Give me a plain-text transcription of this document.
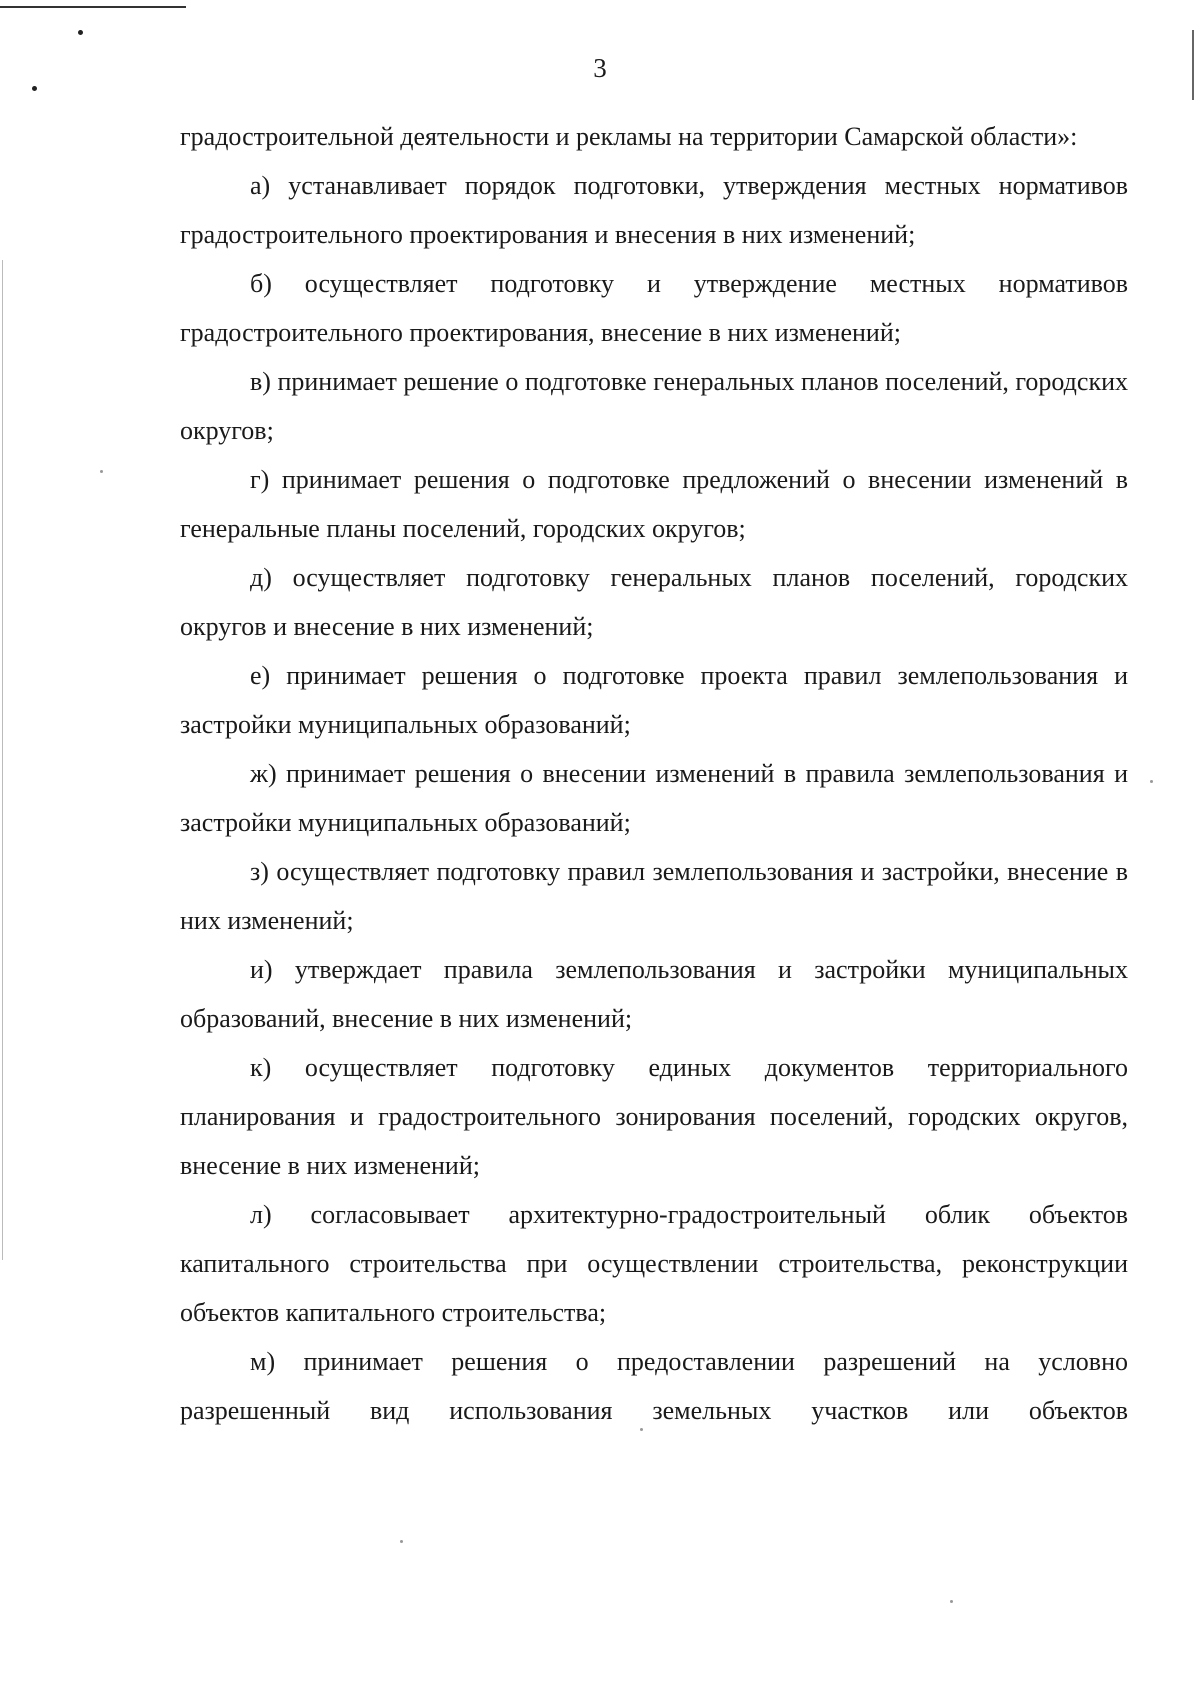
3

градостроительной деятельности и рекламы на территории Самарской области»:

а) устанавливает порядок подготовки, утверждения местных нормативов градостроительного проектирования и внесения в них изменений;

б) осуществляет подготовку и утверждение местных нормативов градостроительного проектирования, внесение в них изменений;

в) принимает решение о подготовке генеральных планов поселений, городских округов;

г) принимает решения о подготовке предложений о внесении изменений в генеральные планы поселений, городских округов;

д) осуществляет подготовку генеральных планов поселений, городских округов и внесение в них изменений;

е) принимает решения о подготовке проекта правил землепользования и застройки муниципальных образований;

ж) принимает решения о внесении изменений в правила землепользования и застройки муниципальных образований;

з) осуществляет подготовку правил землепользования и застройки, внесение в них изменений;

и) утверждает правила землепользования и застройки муниципальных образований, внесение в них изменений;

к) осуществляет подготовку единых документов территориального планирования и градостроительного зонирования поселений, городских округов, внесение в них изменений;

л) согласовывает архитектурно-градостроительный облик объектов капитального строительства при осуществлении строительства, реконструкции объектов капитального строительства;

м) принимает решения о предоставлении разрешений на условно разрешенный вид использования земельных участков или объектов
